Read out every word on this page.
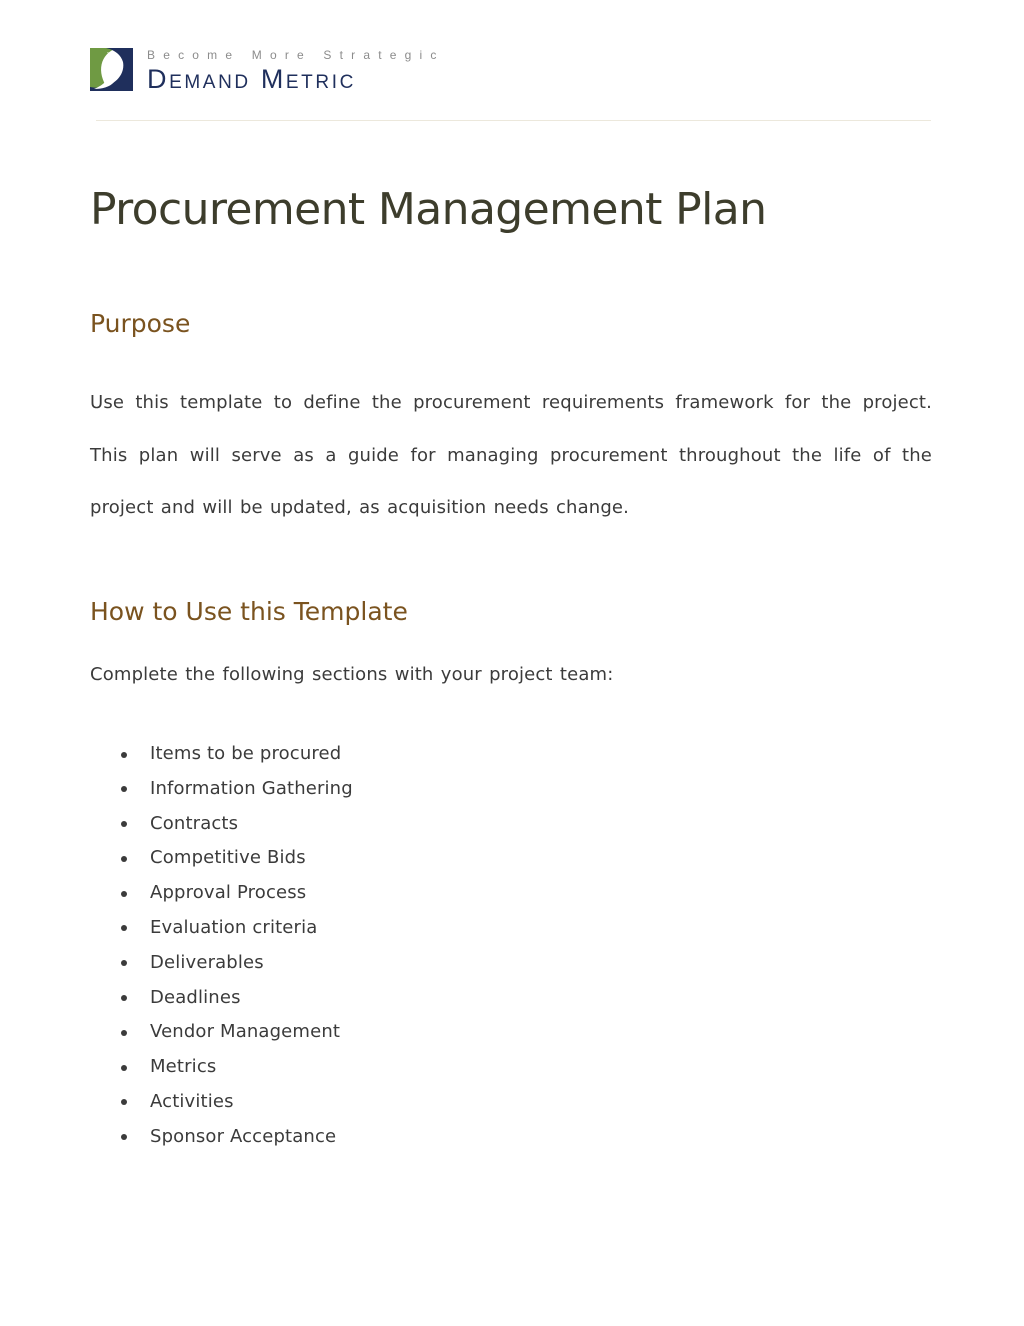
Become More Strategic
Demand Metric
Procurement Management Plan
Purpose

Use this template to define the procurement requirements framework for the project. This plan will serve as a guide for managing procurement throughout the life of the project and will be updated, as acquisition needs change.

How to Use this Template

Complete the following sections with your project team:

Items to be procured
Information Gathering
Contracts
Competitive Bids
Approval Process
Evaluation criteria
Deliverables
Deadlines
Vendor Management
Metrics
Activities
Sponsor Acceptance
